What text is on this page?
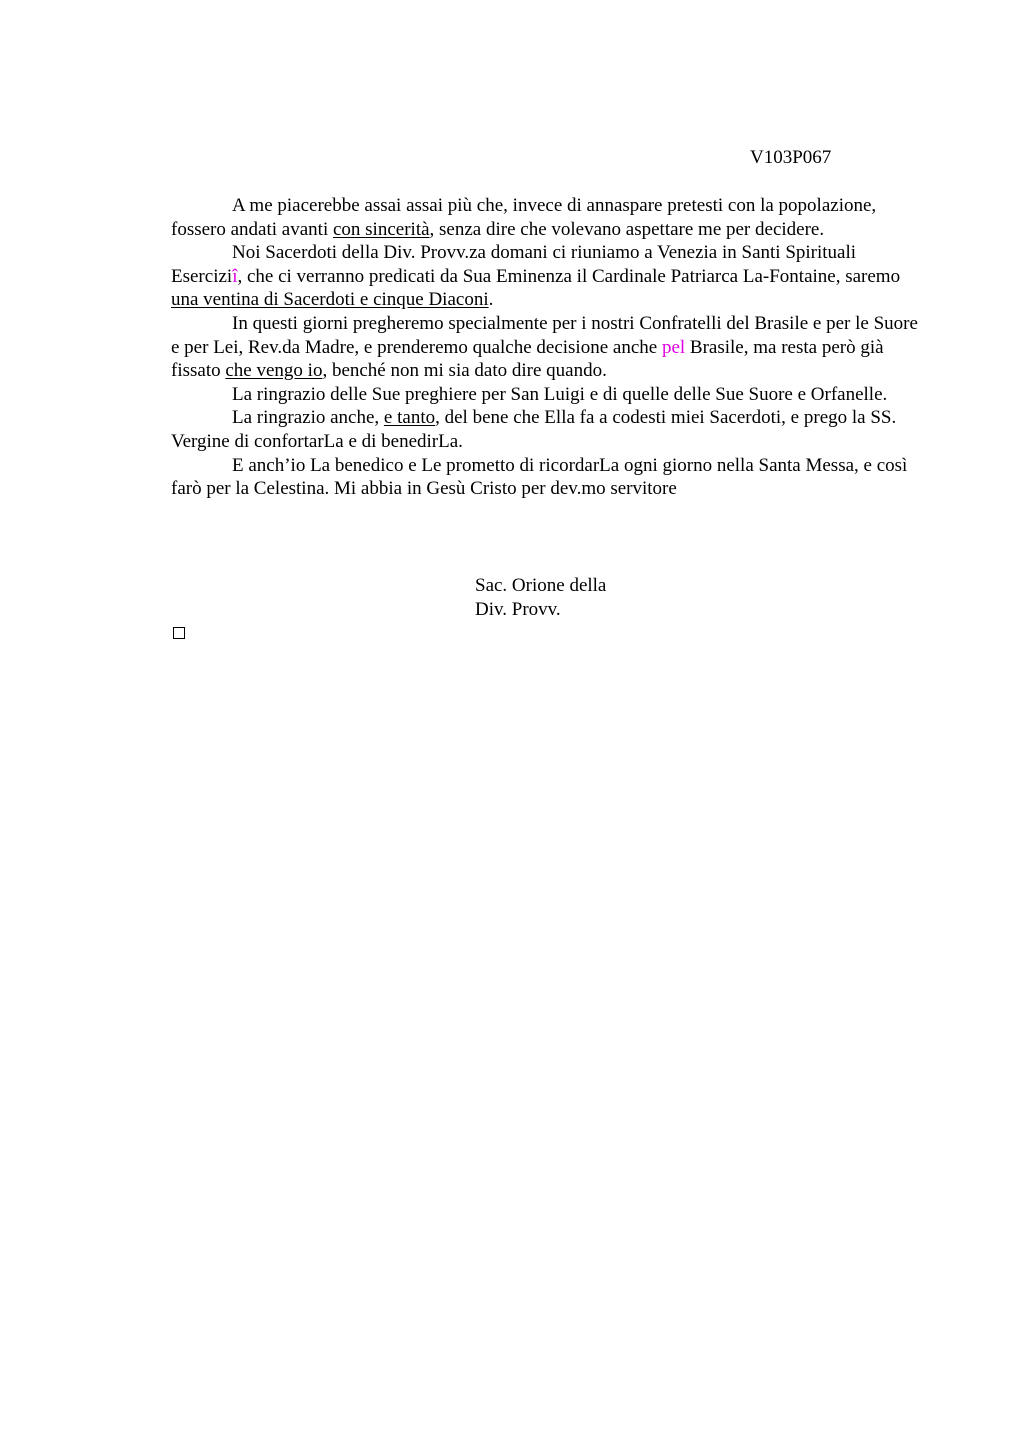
V103P067

A me piacerebbe assai assai più che, invece di annaspare pretesti con la popolazione, fossero andati avanti con sincerità, senza dire che volevano aspettare me per decidere.

Noi Sacerdoti della Div. Provv.za domani ci riuniamo a Venezia in Santi Spirituali Eserciziî, che ci verranno predicati da Sua Eminenza il Cardinale Patriarca La-Fontaine, saremo una ventina di Sacerdoti e cinque Diaconi.

In questi giorni pregheremo specialmente per i nostri Confratelli del Brasile e per le Suore e per Lei, Rev.da Madre, e prenderemo qualche decisione anche pel Brasile, ma resta però già fissato che vengo io, benché non mi sia dato dire quando.

La ringrazio delle Sue preghiere per San Luigi e di quelle delle Sue Suore e Orfanelle.

La ringrazio anche, e tanto, del bene che Ella fa a codesti miei Sacerdoti, e prego la SS. Vergine di confortarLa e di benedirLa.

E anch’io La benedico e Le prometto di ricordarLa ogni giorno nella Santa Messa, e così farò per la Celestina. Mi abbia in Gesù Cristo per dev.mo servitore

Sac. Orione della
Div. Provv.
